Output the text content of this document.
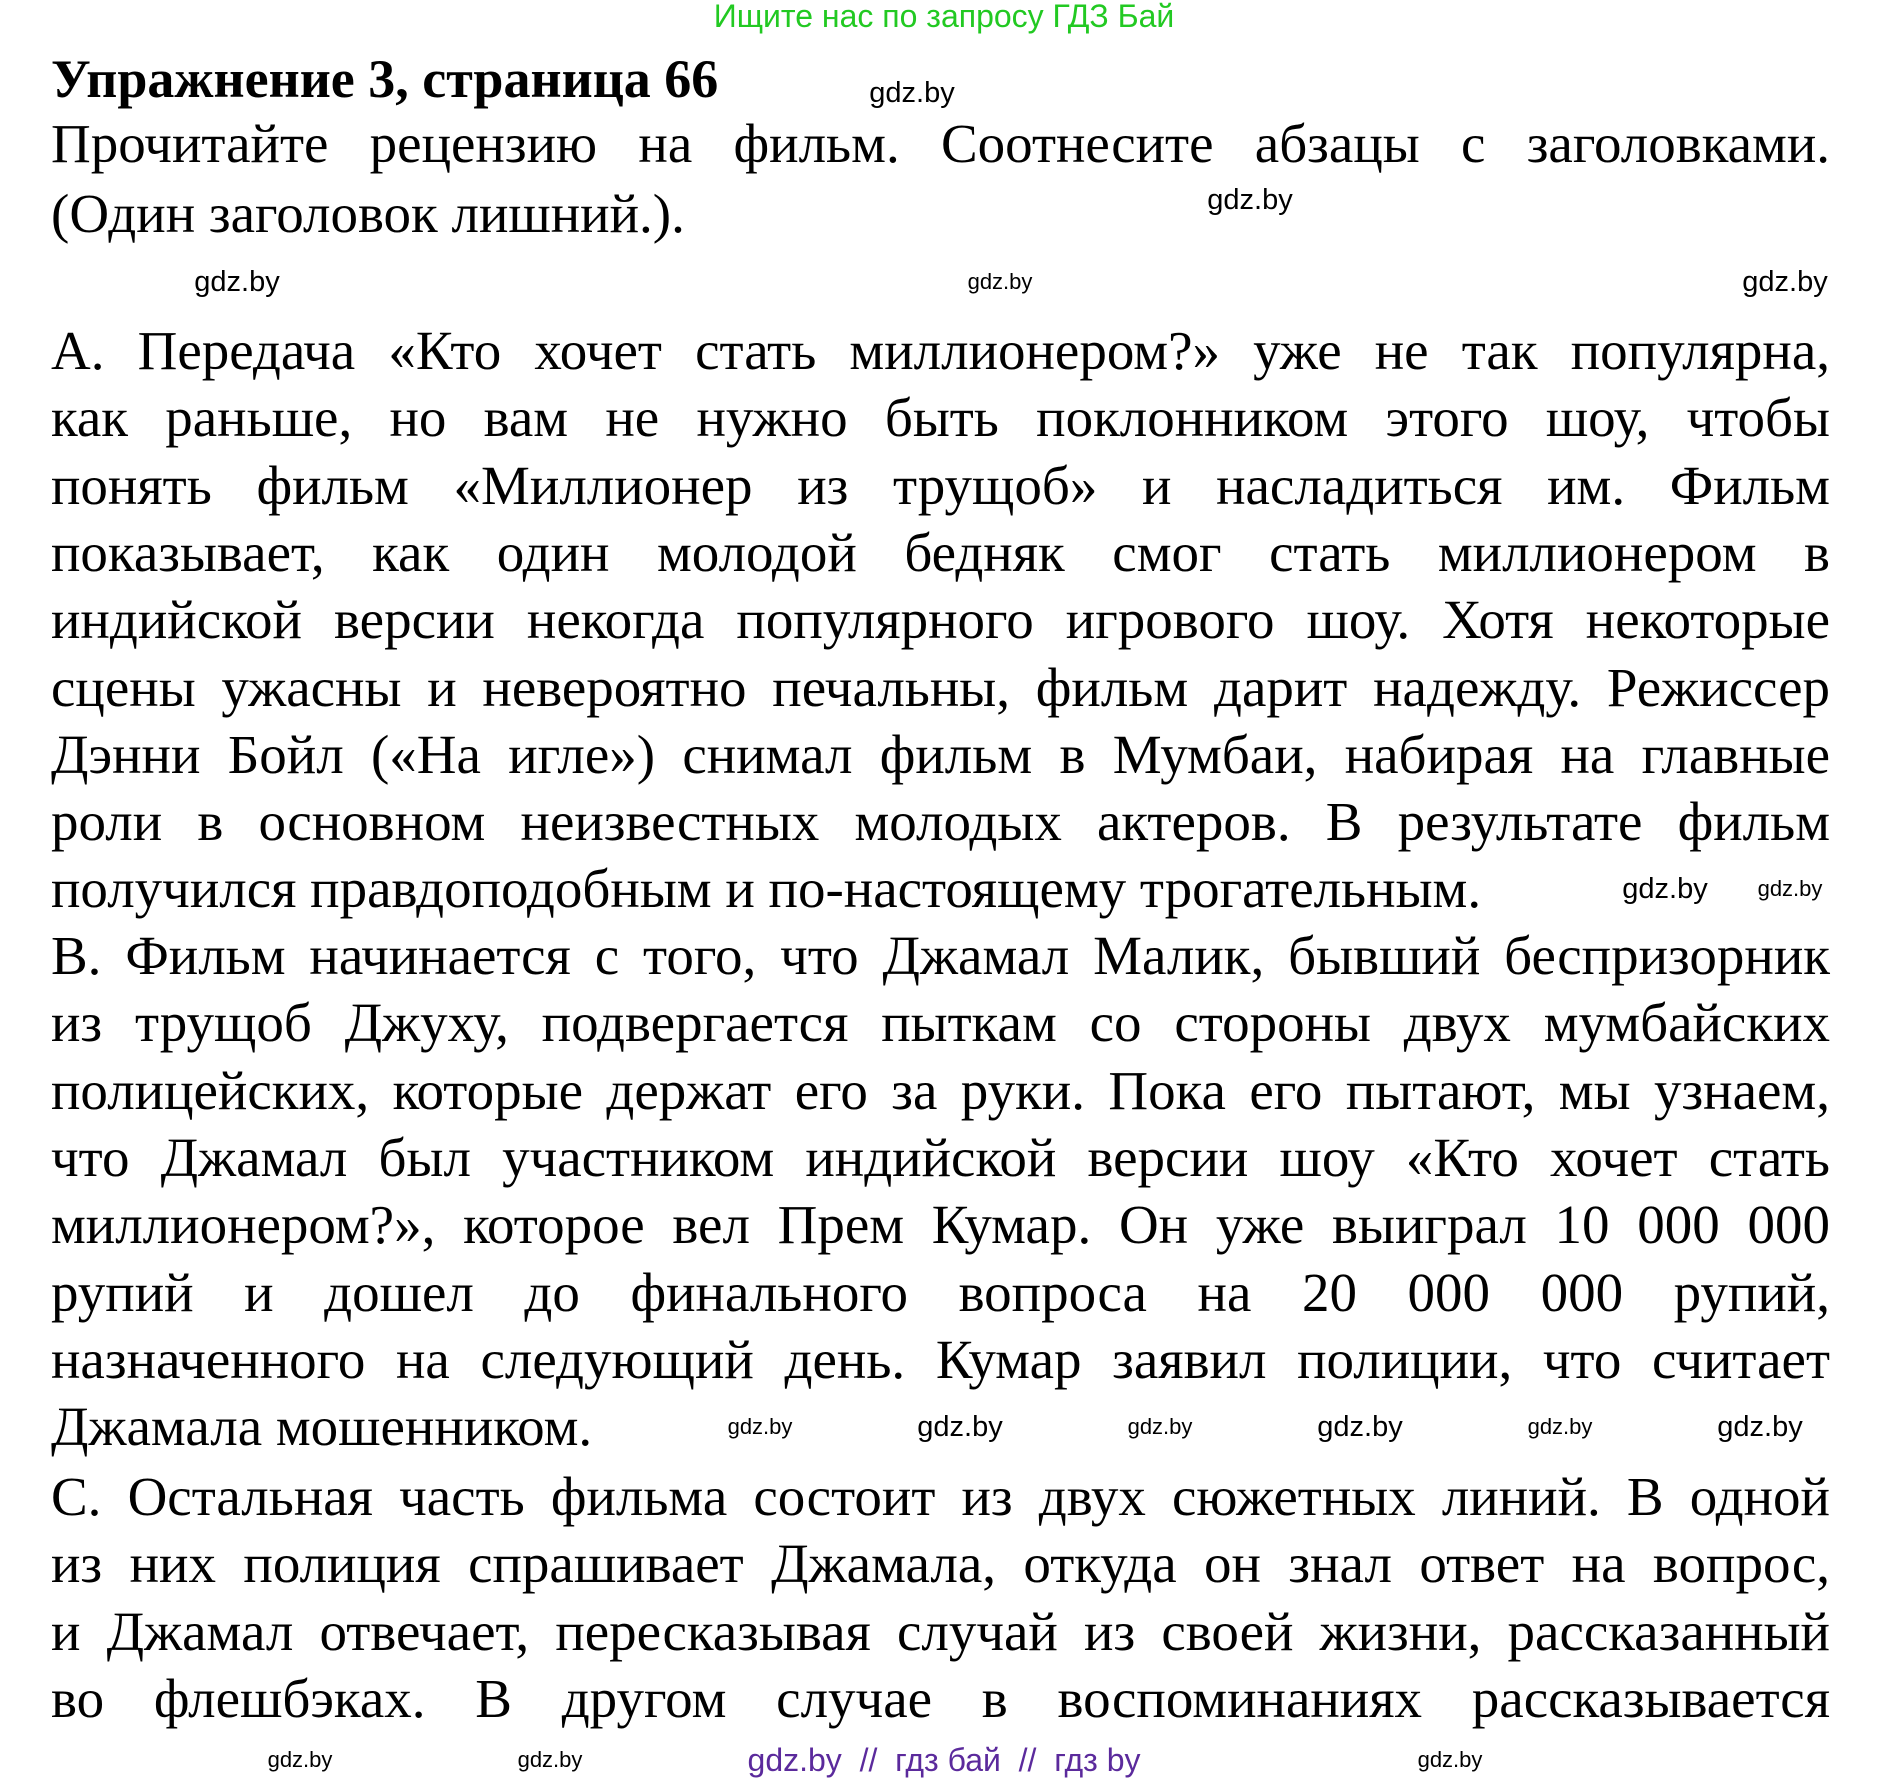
Ищите нас по запросу ГДЗ Бай
Упражнение 3, страница 66
Прочитайте рецензию на фильм. Соотнесите абзацы с заголовками.
(Один заголовок лишний.).
А. Передача «Кто хочет стать миллионером?» уже не так популярна,
как раньше, но вам не нужно быть поклонником этого шоу, чтобы
понять фильм «Миллионер из трущоб» и насладиться им. Фильм
показывает, как один молодой бедняк смог стать миллионером в
индийской версии некогда популярного игрового шоу. Хотя некоторые
сцены ужасны и невероятно печальны, фильм дарит надежду. Режиссер
Дэнни Бойл («На игле») снимал фильм в Мумбаи, набирая на главные
роли в основном неизвестных молодых актеров. В результате фильм
получился правдоподобным и по-настоящему трогательным.
В. Фильм начинается с того, что Джамал Малик, бывший беспризорник
из трущоб Джуху, подвергается пыткам со стороны двух мумбайских
полицейских, которые держат его за руки. Пока его пытают, мы узнаем,
что Джамал был участником индийской версии шоу «Кто хочет стать
миллионером?», которое вел Прем Кумар. Он уже выиграл 10 000 000
рупий и дошел до финального вопроса на 20 000 000 рупий,
назначенного на следующий день. Кумар заявил полиции, что считает
Джамала мошенником.
С. Остальная часть фильма состоит из двух сюжетных линий. В одной
из них полиция спрашивает Джамала, откуда он знал ответ на вопрос,
и Джамал отвечает, пересказывая случай из своей жизни, рассказанный
во флешбэках. В другом случае в воспоминаниях рассказывается
gdz.by
gdz.by
gdz.by	gdz.by	gdz.by
gdz.by gdz.by
gdz.by	gdz.by	gdz.by	gdz.by	gdz.by	gdz.by
gdz.by	gdz.by	gdz.by
gdz.by  //  гдз бай  //  гдз by
